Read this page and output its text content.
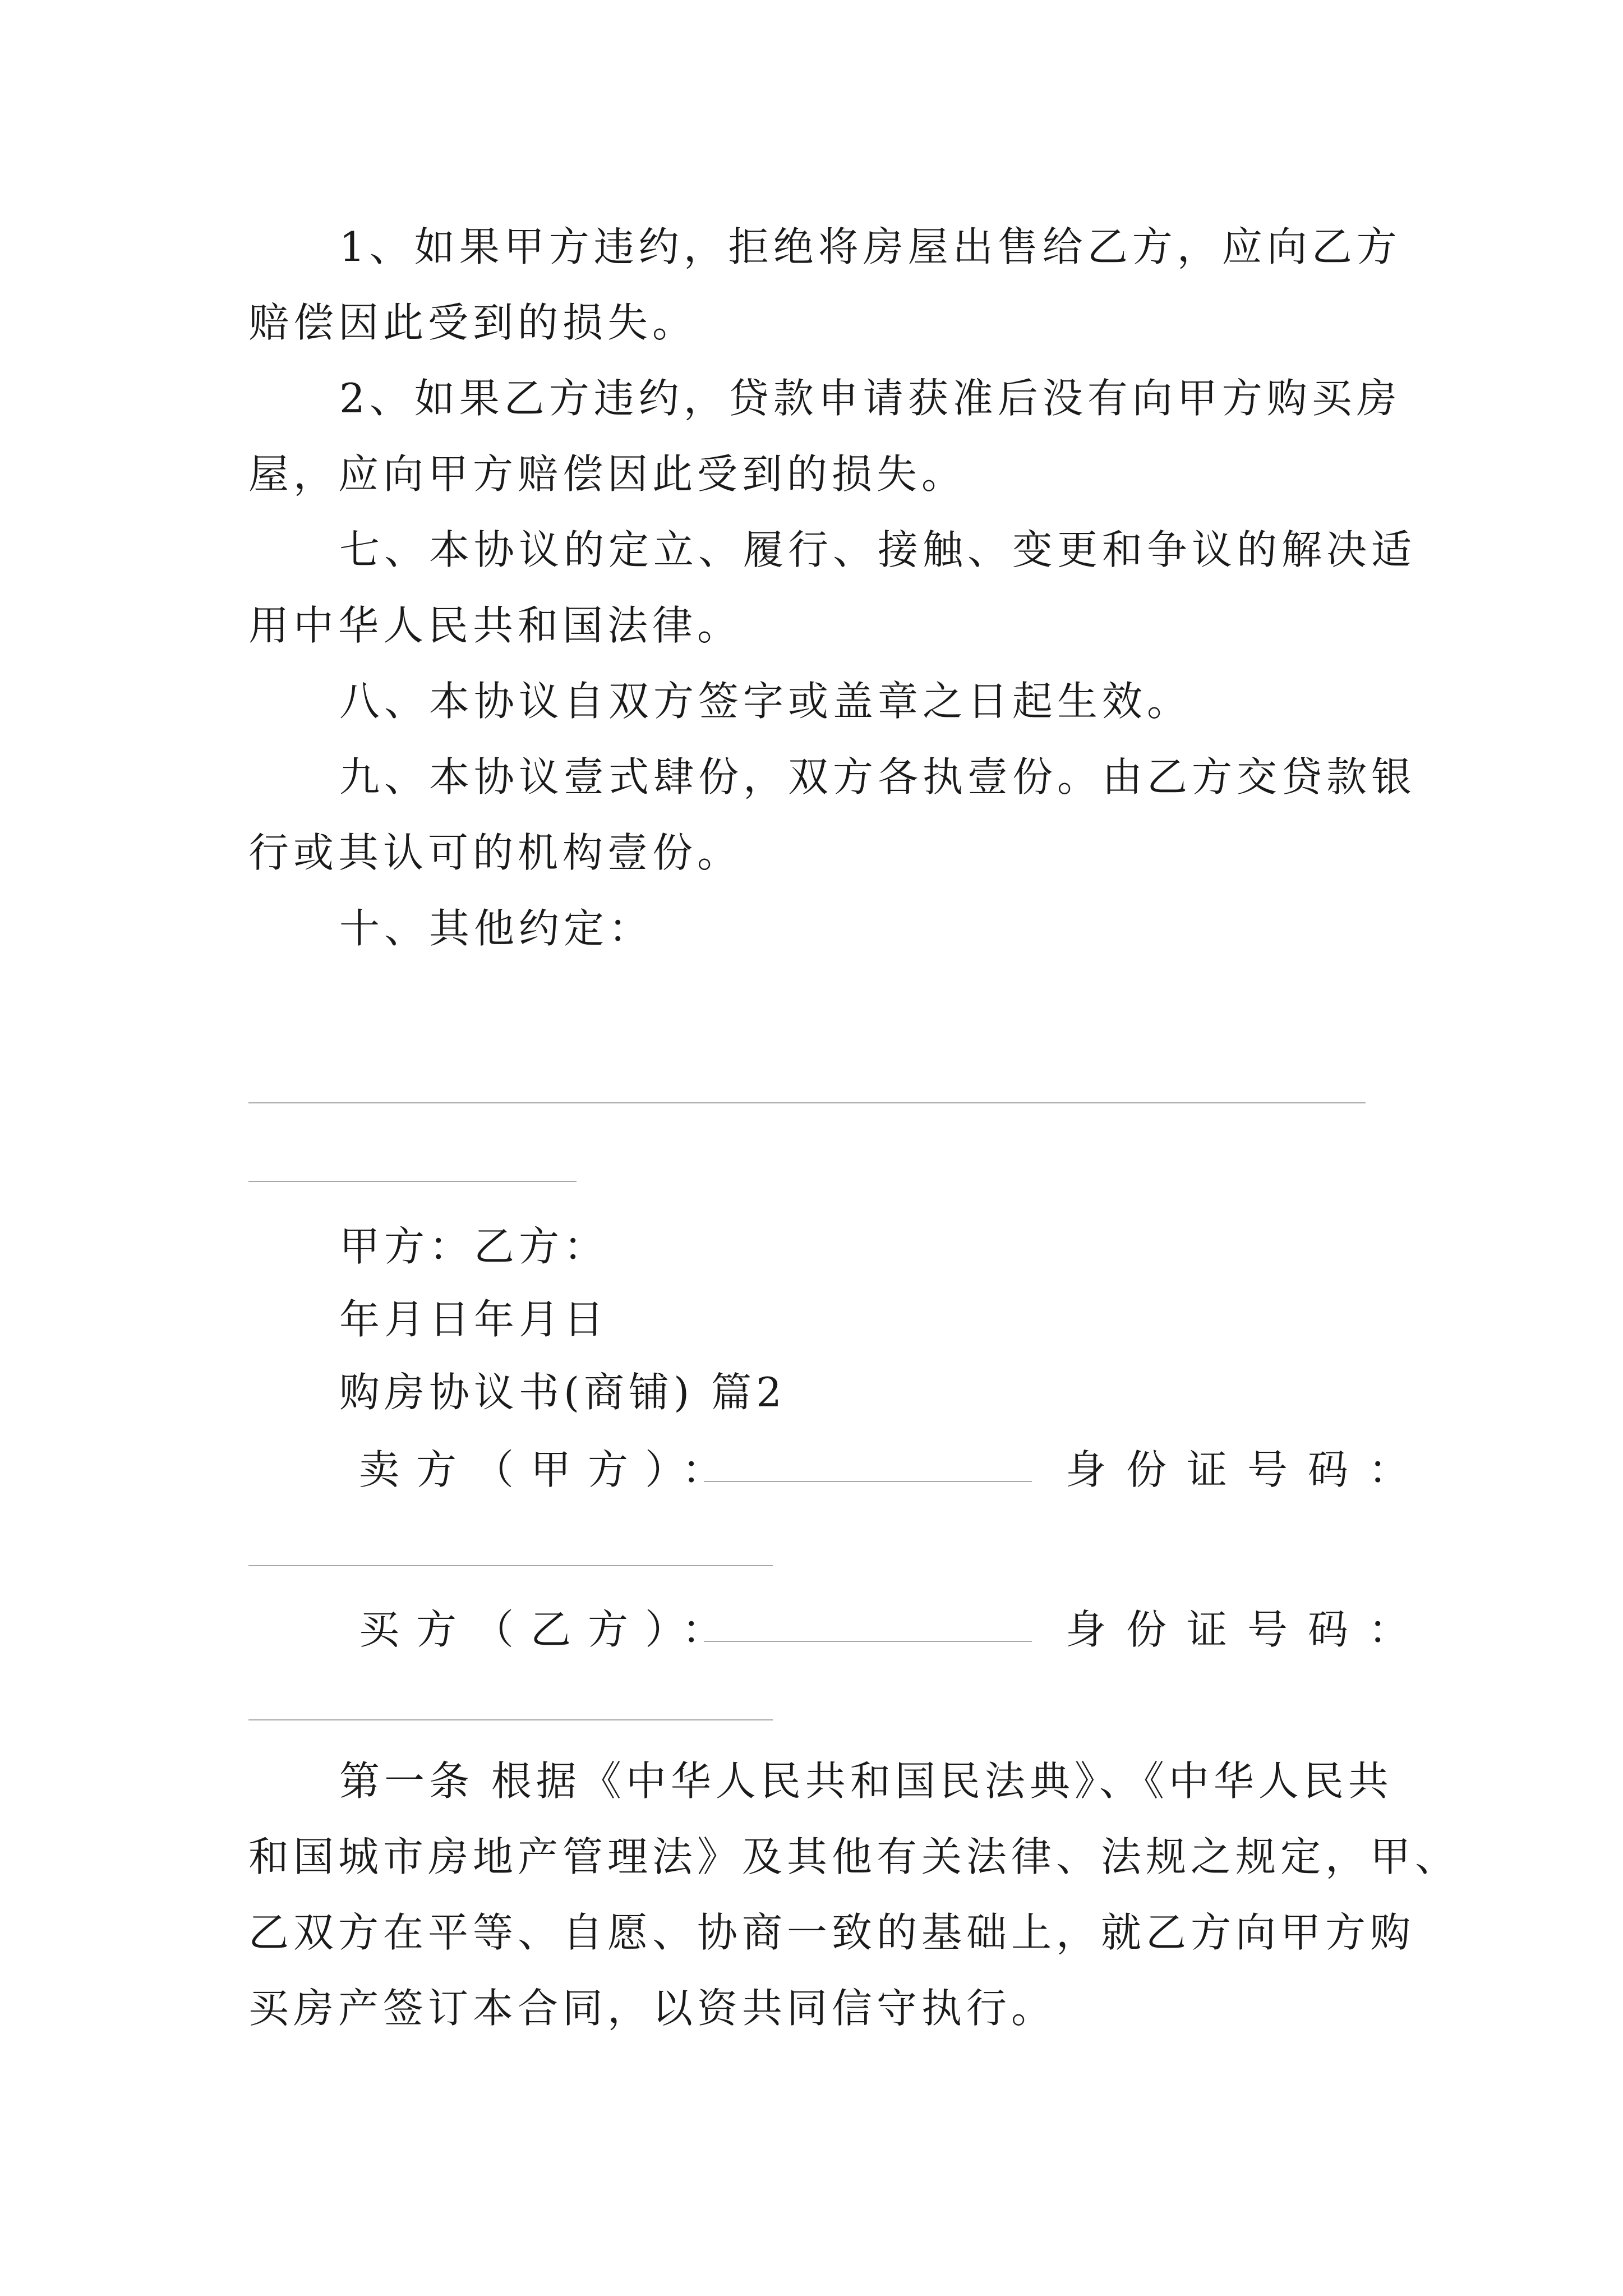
1、如果甲方违约，拒绝将房屋出售给乙方，应向乙方
赔偿因此受到的损失。
2、如果乙方违约，贷款申请获准后没有向甲方购买房
屋，应向甲方赔偿因此受到的损失。
七、本协议的定立、履行、接触、变更和争议的解决适
用中华人民共和国法律。
八、本协议自双方签字或盖章之日起生效。
九、本协议壹式肆份，双方各执壹份。由乙方交贷款银
行或其认可的机构壹份。
十、其他约定：
甲方：乙方：
年月日年月日
购房协议书(商铺) 篇2
卖方（甲方）：	身份证号码：
买方（乙方）：	身份证号码：
第一条 根据《中华人民共和国民法典》、《中华人民共
和国城市房地产管理法》及其他有关法律、法规之规定，甲、
乙双方在平等、自愿、协商一致的基础上，就乙方向甲方购
买房产签订本合同，以资共同信守执行。
